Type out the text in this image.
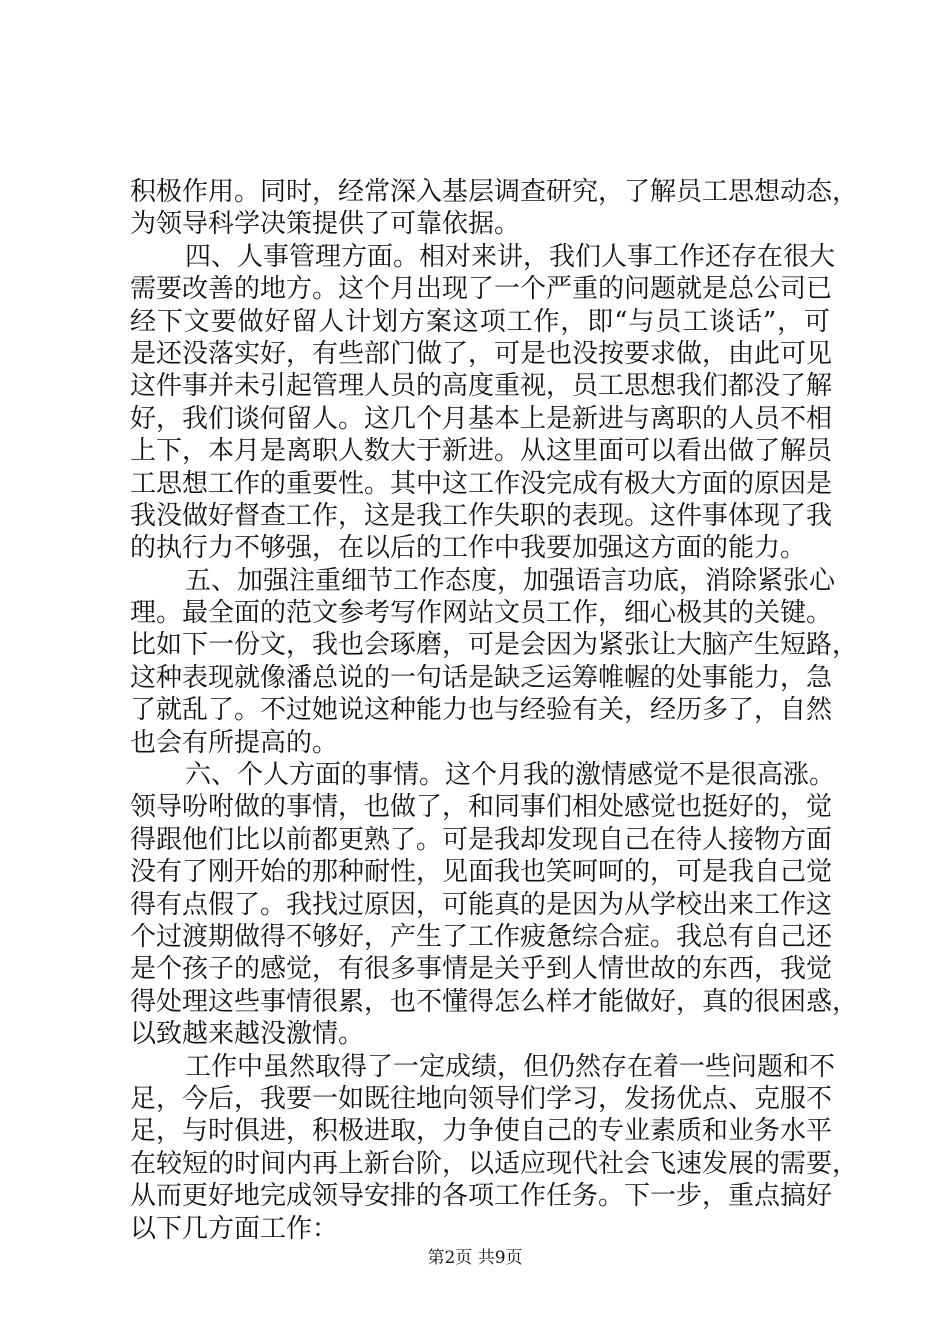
积极作用。同时，经常深入基层调查研究，了解员工思想动态，
为领导科学决策提供了可靠依据。
四、人事管理方面。相对来讲，我们人事工作还存在很大
需要改善的地方。这个月出现了一个严重的问题就是总公司已
经下文要做好留人计划方案这项工作，即“与员工谈话”，可
是还没落实好，有些部门做了，可是也没按要求做，由此可见
这件事并未引起管理人员的高度重视，员工思想我们都没了解
好，我们谈何留人。这几个月基本上是新进与离职的人员不相
上下，本月是离职人数大于新进。从这里面可以看出做了解员
工思想工作的重要性。其中这工作没完成有极大方面的原因是
我没做好督查工作，这是我工作失职的表现。这件事体现了我
的执行力不够强，在以后的工作中我要加强这方面的能力。
五、加强注重细节工作态度，加强语言功底，消除紧张心
理。最全面的范文参考写作网站文员工作，细心极其的关键。
比如下一份文，我也会琢磨，可是会因为紧张让大脑产生短路，
这种表现就像潘总说的一句话是缺乏运筹帷幄的处事能力，急
了就乱了。不过她说这种能力也与经验有关，经历多了，自然
也会有所提高的。
六、个人方面的事情。这个月我的激情感觉不是很高涨。
领导吩咐做的事情，也做了，和同事们相处感觉也挺好的，觉
得跟他们比以前都更熟了。可是我却发现自己在待人接物方面
没有了刚开始的那种耐性，见面我也笑呵呵的，可是我自己觉
得有点假了。我找过原因，可能真的是因为从学校出来工作这
个过渡期做得不够好，产生了工作疲惫综合症。我总有自己还
是个孩子的感觉，有很多事情是关乎到人情世故的东西，我觉
得处理这些事情很累，也不懂得怎么样才能做好，真的很困惑，
以致越来越没激情。
工作中虽然取得了一定成绩，但仍然存在着一些问题和不
足，今后，我要一如既往地向领导们学习，发扬优点、克服不
足，与时俱进，积极进取，力争使自己的专业素质和业务水平
在较短的时间内再上新台阶，以适应现代社会飞速发展的需要，
从而更好地完成领导安排的各项工作任务。下一步，重点搞好
以下几方面工作：
第2页 共9页
